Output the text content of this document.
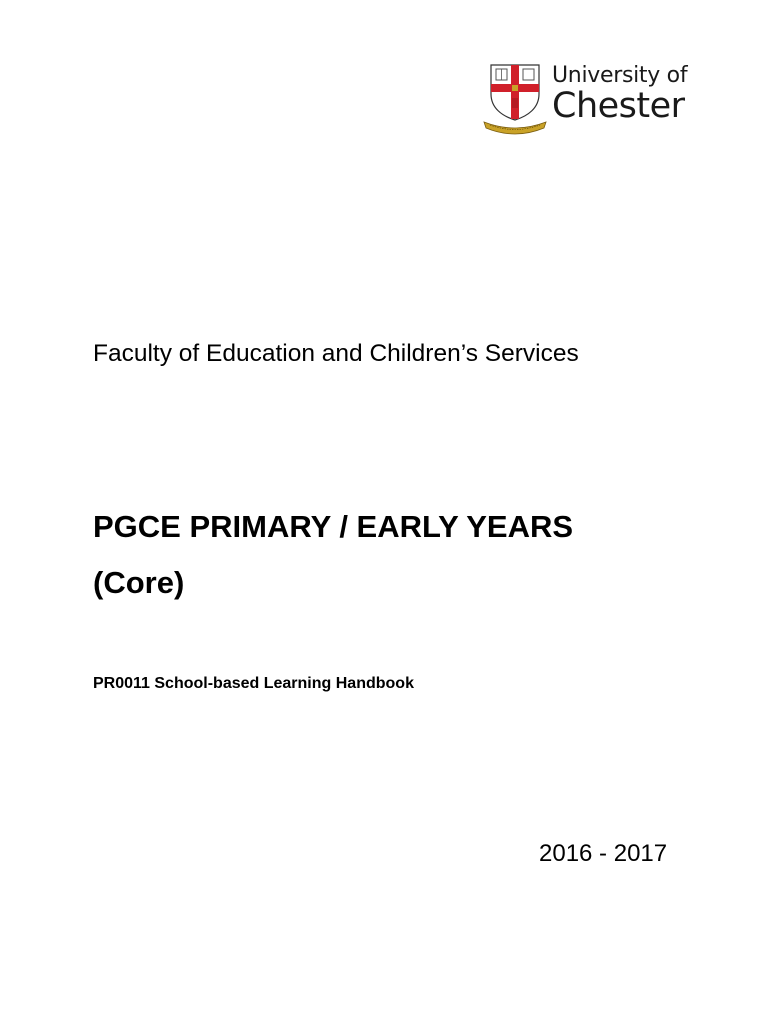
University of
Chester
Faculty of Education and Children’s Services
PGCE PRIMARY / EARLY YEARS
(Core)
PR0011 School-based Learning Handbook
2016 - 2017
